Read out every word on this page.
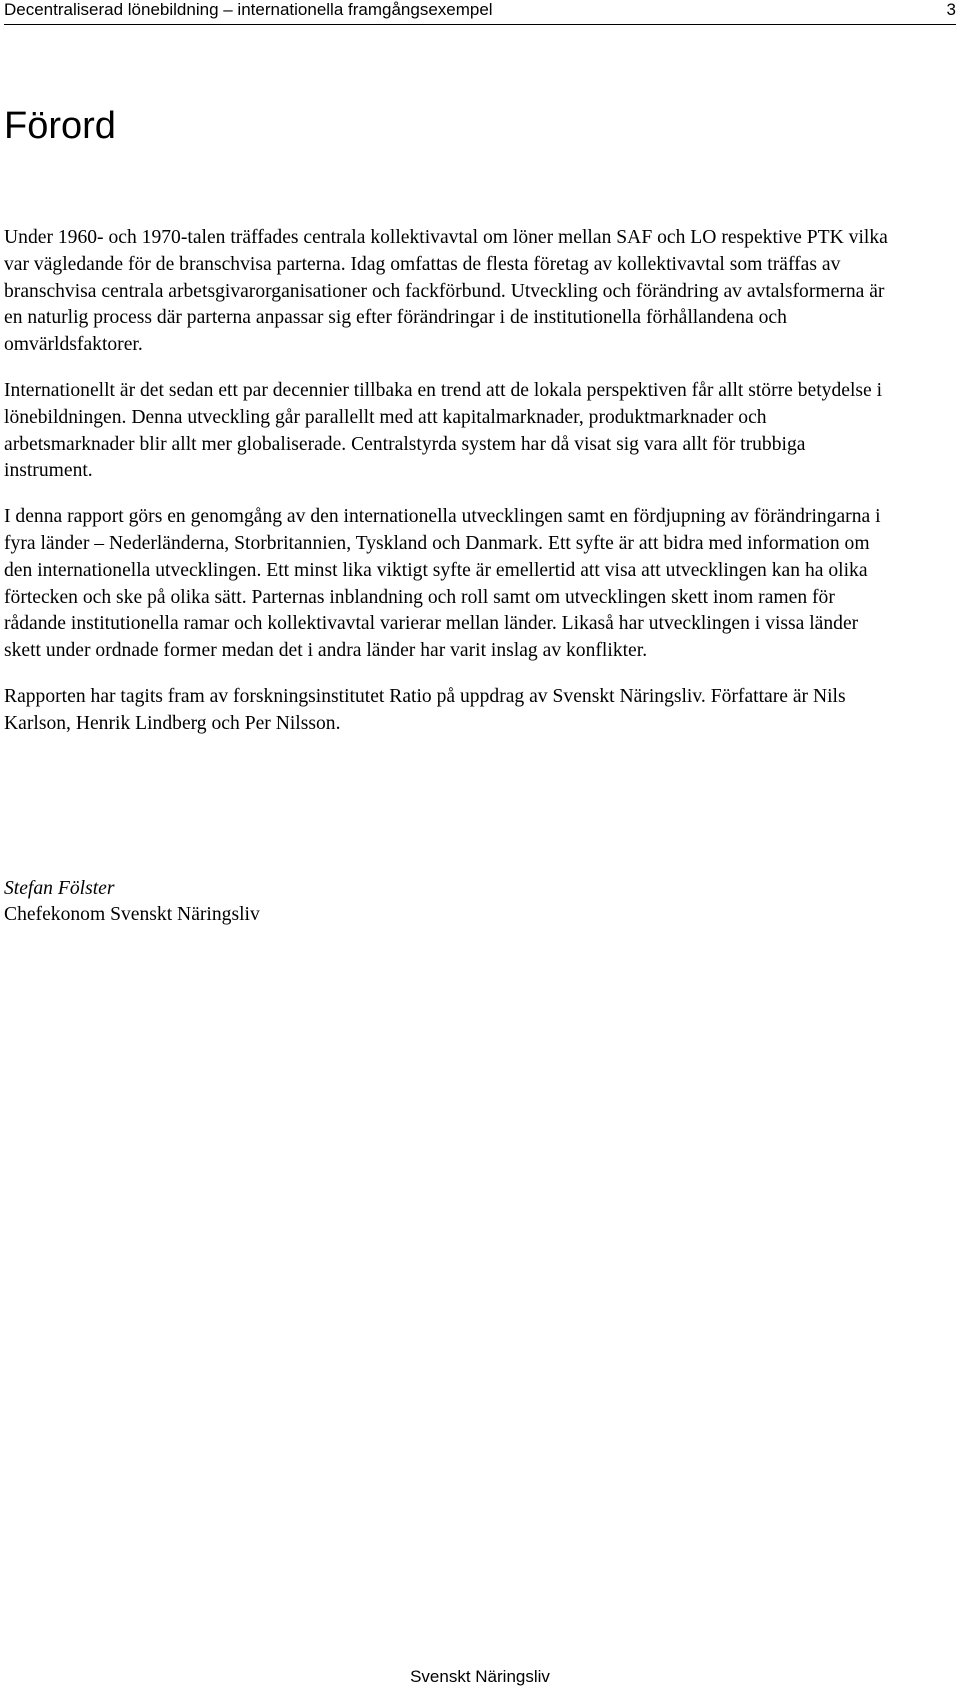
Decentraliserad lönebildning – internationella framgångsexempel	3
Förord

Under 1960- och 1970-talen träffades centrala kollektivavtal om löner mellan SAF och LO respektive PTK vilka var vägledande för de branschvisa parterna. Idag omfattas de flesta företag av kollektivavtal som träffas av branschvisa centrala arbetsgivarorganisationer och fackförbund. Utveckling och förändring av avtalsformerna är en naturlig process där parterna anpassar sig efter förändringar i de institutionella förhållandena och omvärldsfaktorer.

Internationellt är det sedan ett par decennier tillbaka en trend att de lokala perspektiven får allt större betydelse i lönebildningen. Denna utveckling går parallellt med att kapitalmarknader, produktmarknader och arbetsmarknader blir allt mer globaliserade. Centralstyrda system har då visat sig vara allt för trubbiga instrument.

I denna rapport görs en genomgång av den internationella utvecklingen samt en fördjupning av förändringarna i fyra länder – Nederländerna, Storbritannien, Tyskland och Danmark. Ett syfte är att bidra med information om den internationella utvecklingen. Ett minst lika viktigt syfte är emellertid att visa att utvecklingen kan ha olika förtecken och ske på olika sätt. Parternas inblandning och roll samt om utvecklingen skett inom ramen för rådande institutionella ramar och kollektivavtal varierar mellan länder. Likaså har utvecklingen i vissa länder skett under ordnade former medan det i andra länder har varit inslag av konflikter.

Rapporten har tagits fram av forskningsinstitutet Ratio på uppdrag av Svenskt Näringsliv. Författare är Nils Karlson, Henrik Lindberg och Per Nilsson.

Stefan Fölster
Chefekonom Svenskt Näringsliv
Svenskt Näringsliv
